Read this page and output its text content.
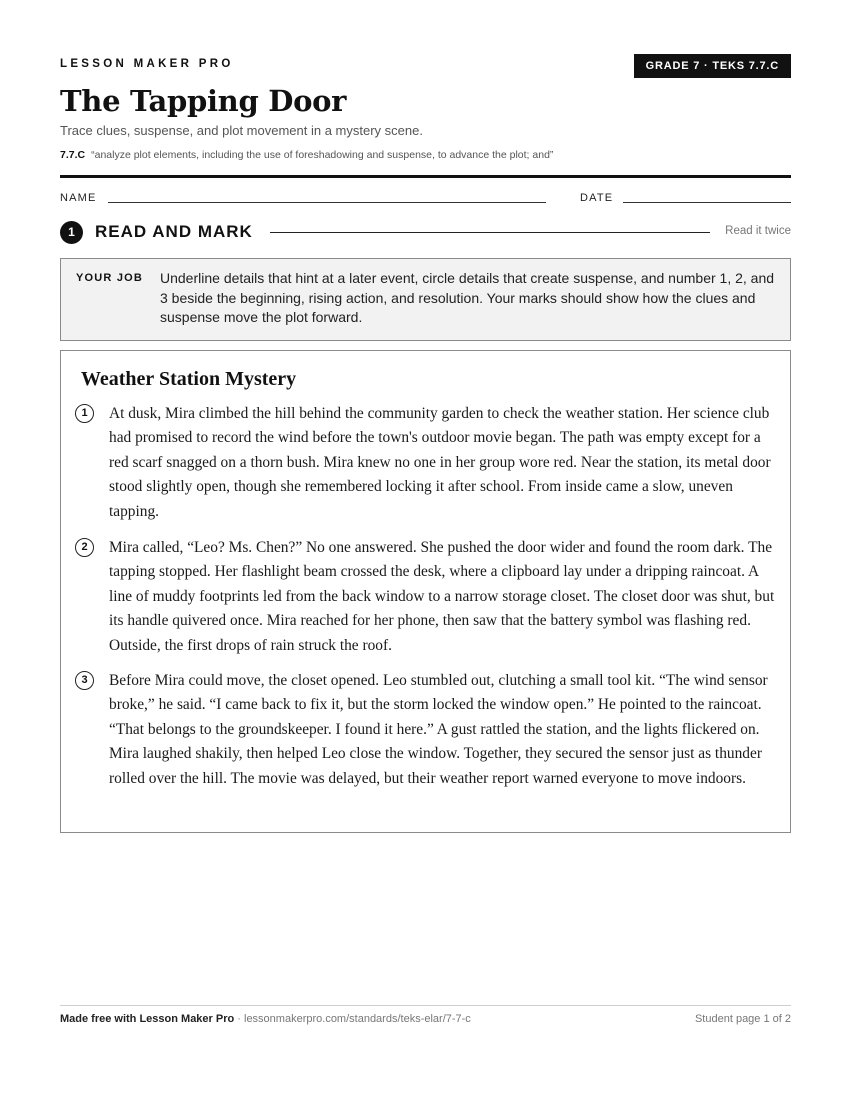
LESSON MAKER PRO	GRADE 7 · TEKS 7.7.C
The Tapping Door
Trace clues, suspense, and plot movement in a mystery scene.
7.7.C “analyze plot elements, including the use of foreshadowing and suspense, to advance the plot; and”
NAME	DATE
1	READ AND MARK	Read it twice
YOUR JOB Underline details that hint at a later event, circle details that create suspense, and number 1, 2, and 3 beside the beginning, rising action, and resolution. Your marks should show how the clues and suspense move the plot forward.
Weather Station Mystery
1	At dusk, Mira climbed the hill behind the community garden to check the weather station. Her science club had promised to record the wind before the town's outdoor movie began. The path was empty except for a red scarf snagged on a thorn bush. Mira knew no one in her group wore red. Near the station, its metal door stood slightly open, though she remembered locking it after school. From inside came a slow, uneven tapping.

2	Mira called, “Leo? Ms. Chen?” No one answered. She pushed the door wider and found the room dark. The tapping stopped. Her flashlight beam crossed the desk, where a clipboard lay under a dripping raincoat. A line of muddy footprints led from the back window to a narrow storage closet. The closet door was shut, but its handle quivered once. Mira reached for her phone, then saw that the battery symbol was flashing red. Outside, the first drops of rain struck the roof.

3	Before Mira could move, the closet opened. Leo stumbled out, clutching a small tool kit. “The wind sensor broke,” he said. “I came back to fix it, but the storm locked the window open.” He pointed to the raincoat. “That belongs to the groundskeeper. I found it here.” A gust rattled the station, and the lights flickered on. Mira laughed shakily, then helped Leo close the window. Together, they secured the sensor just as thunder rolled over the hill. The movie was delayed, but their weather report warned everyone to move indoors.

Made free with Lesson Maker Pro · lessonmakerpro.com/standards/teks-elar/7-7-c	Student page 1 of 2
